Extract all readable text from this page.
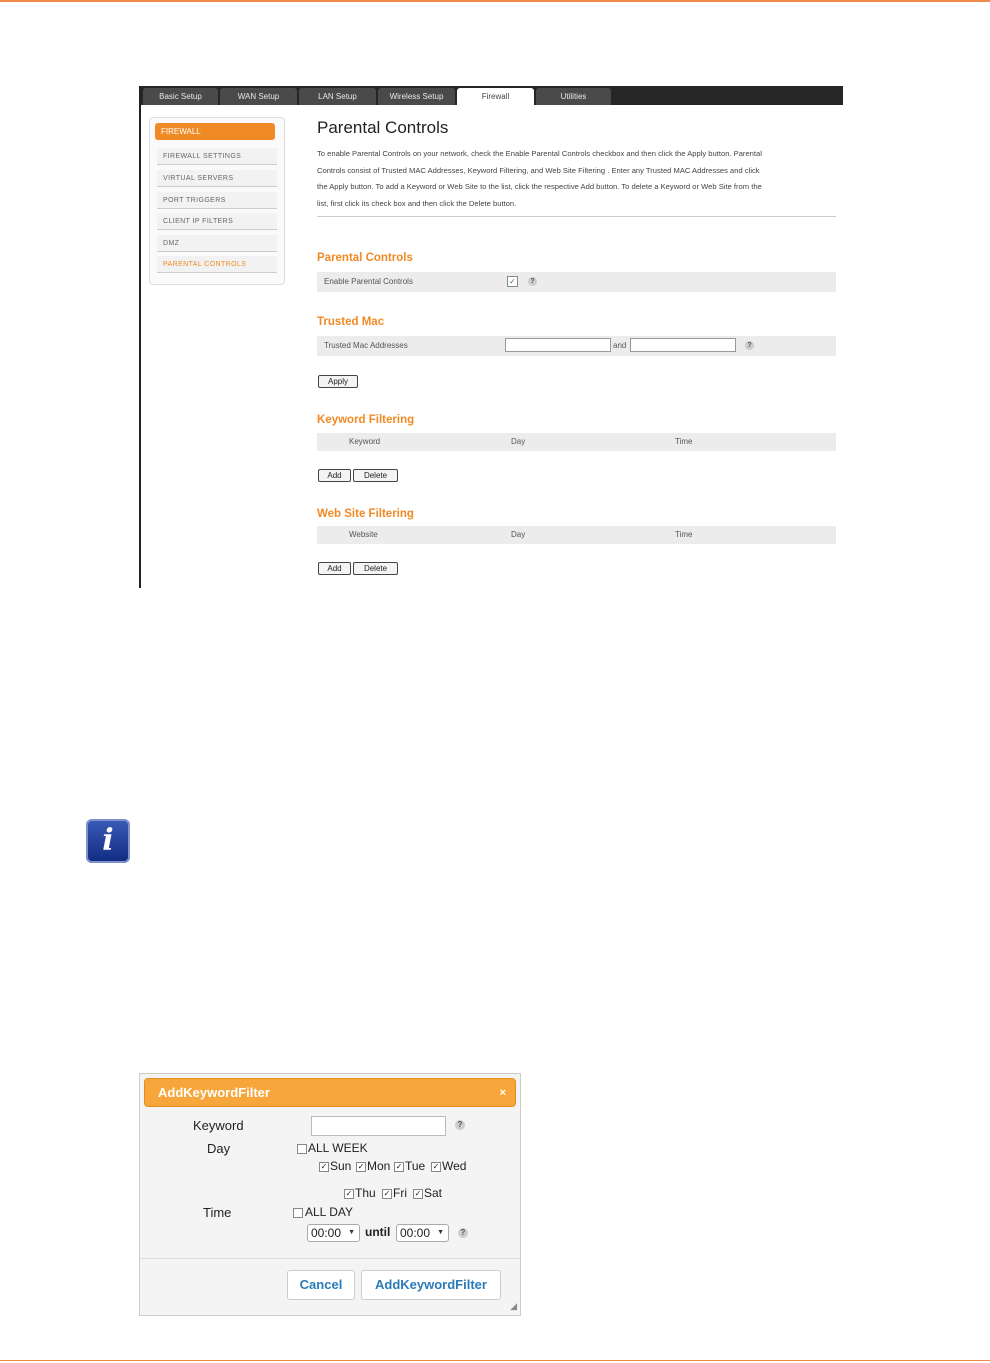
Basic Setup	WAN Setup	LAN Setup	Wireless Setup	Firewall	Utilities
FIREWALL
FIREWALL SETTINGS
VIRTUAL SERVERS
PORT TRIGGERS
CLIENT IP FILTERS
DMZ
PARENTAL CONTROLS
Parental Controls
To enable Parental Controls on your network, check the Enable Parental Controls checkbox and then click the Apply button. Parental
Controls consist of Trusted MAC Addresses, Keyword Filtering, and Web Site Filtering . Enter any Trusted MAC Addresses and click
the Apply button. To add a Keyword or Web Site to the list, click the respective Add button. To delete a Keyword or Web Site from the
list, first click its check box and then click the Delete button.
Parental Controls
Enable Parental Controls	✓	?
Trusted Mac
Trusted Mac Addresses	and	?
Apply
Keyword Filtering
Keyword	Day	Time
Add	Delete
Web Site Filtering
Website	Day	Time
Add	Delete
i
AddKeywordFilter	×
Keyword	?
Day	ALL WEEK
✓ Sun ✓ Mon ✓ Tue ✓ Wed
✓ Thu ✓ Fri ✓ Sat
Time	ALL DAY
00:00 ▼ until 00:00 ▼	?
Cancel	AddKeywordFilter
◢
